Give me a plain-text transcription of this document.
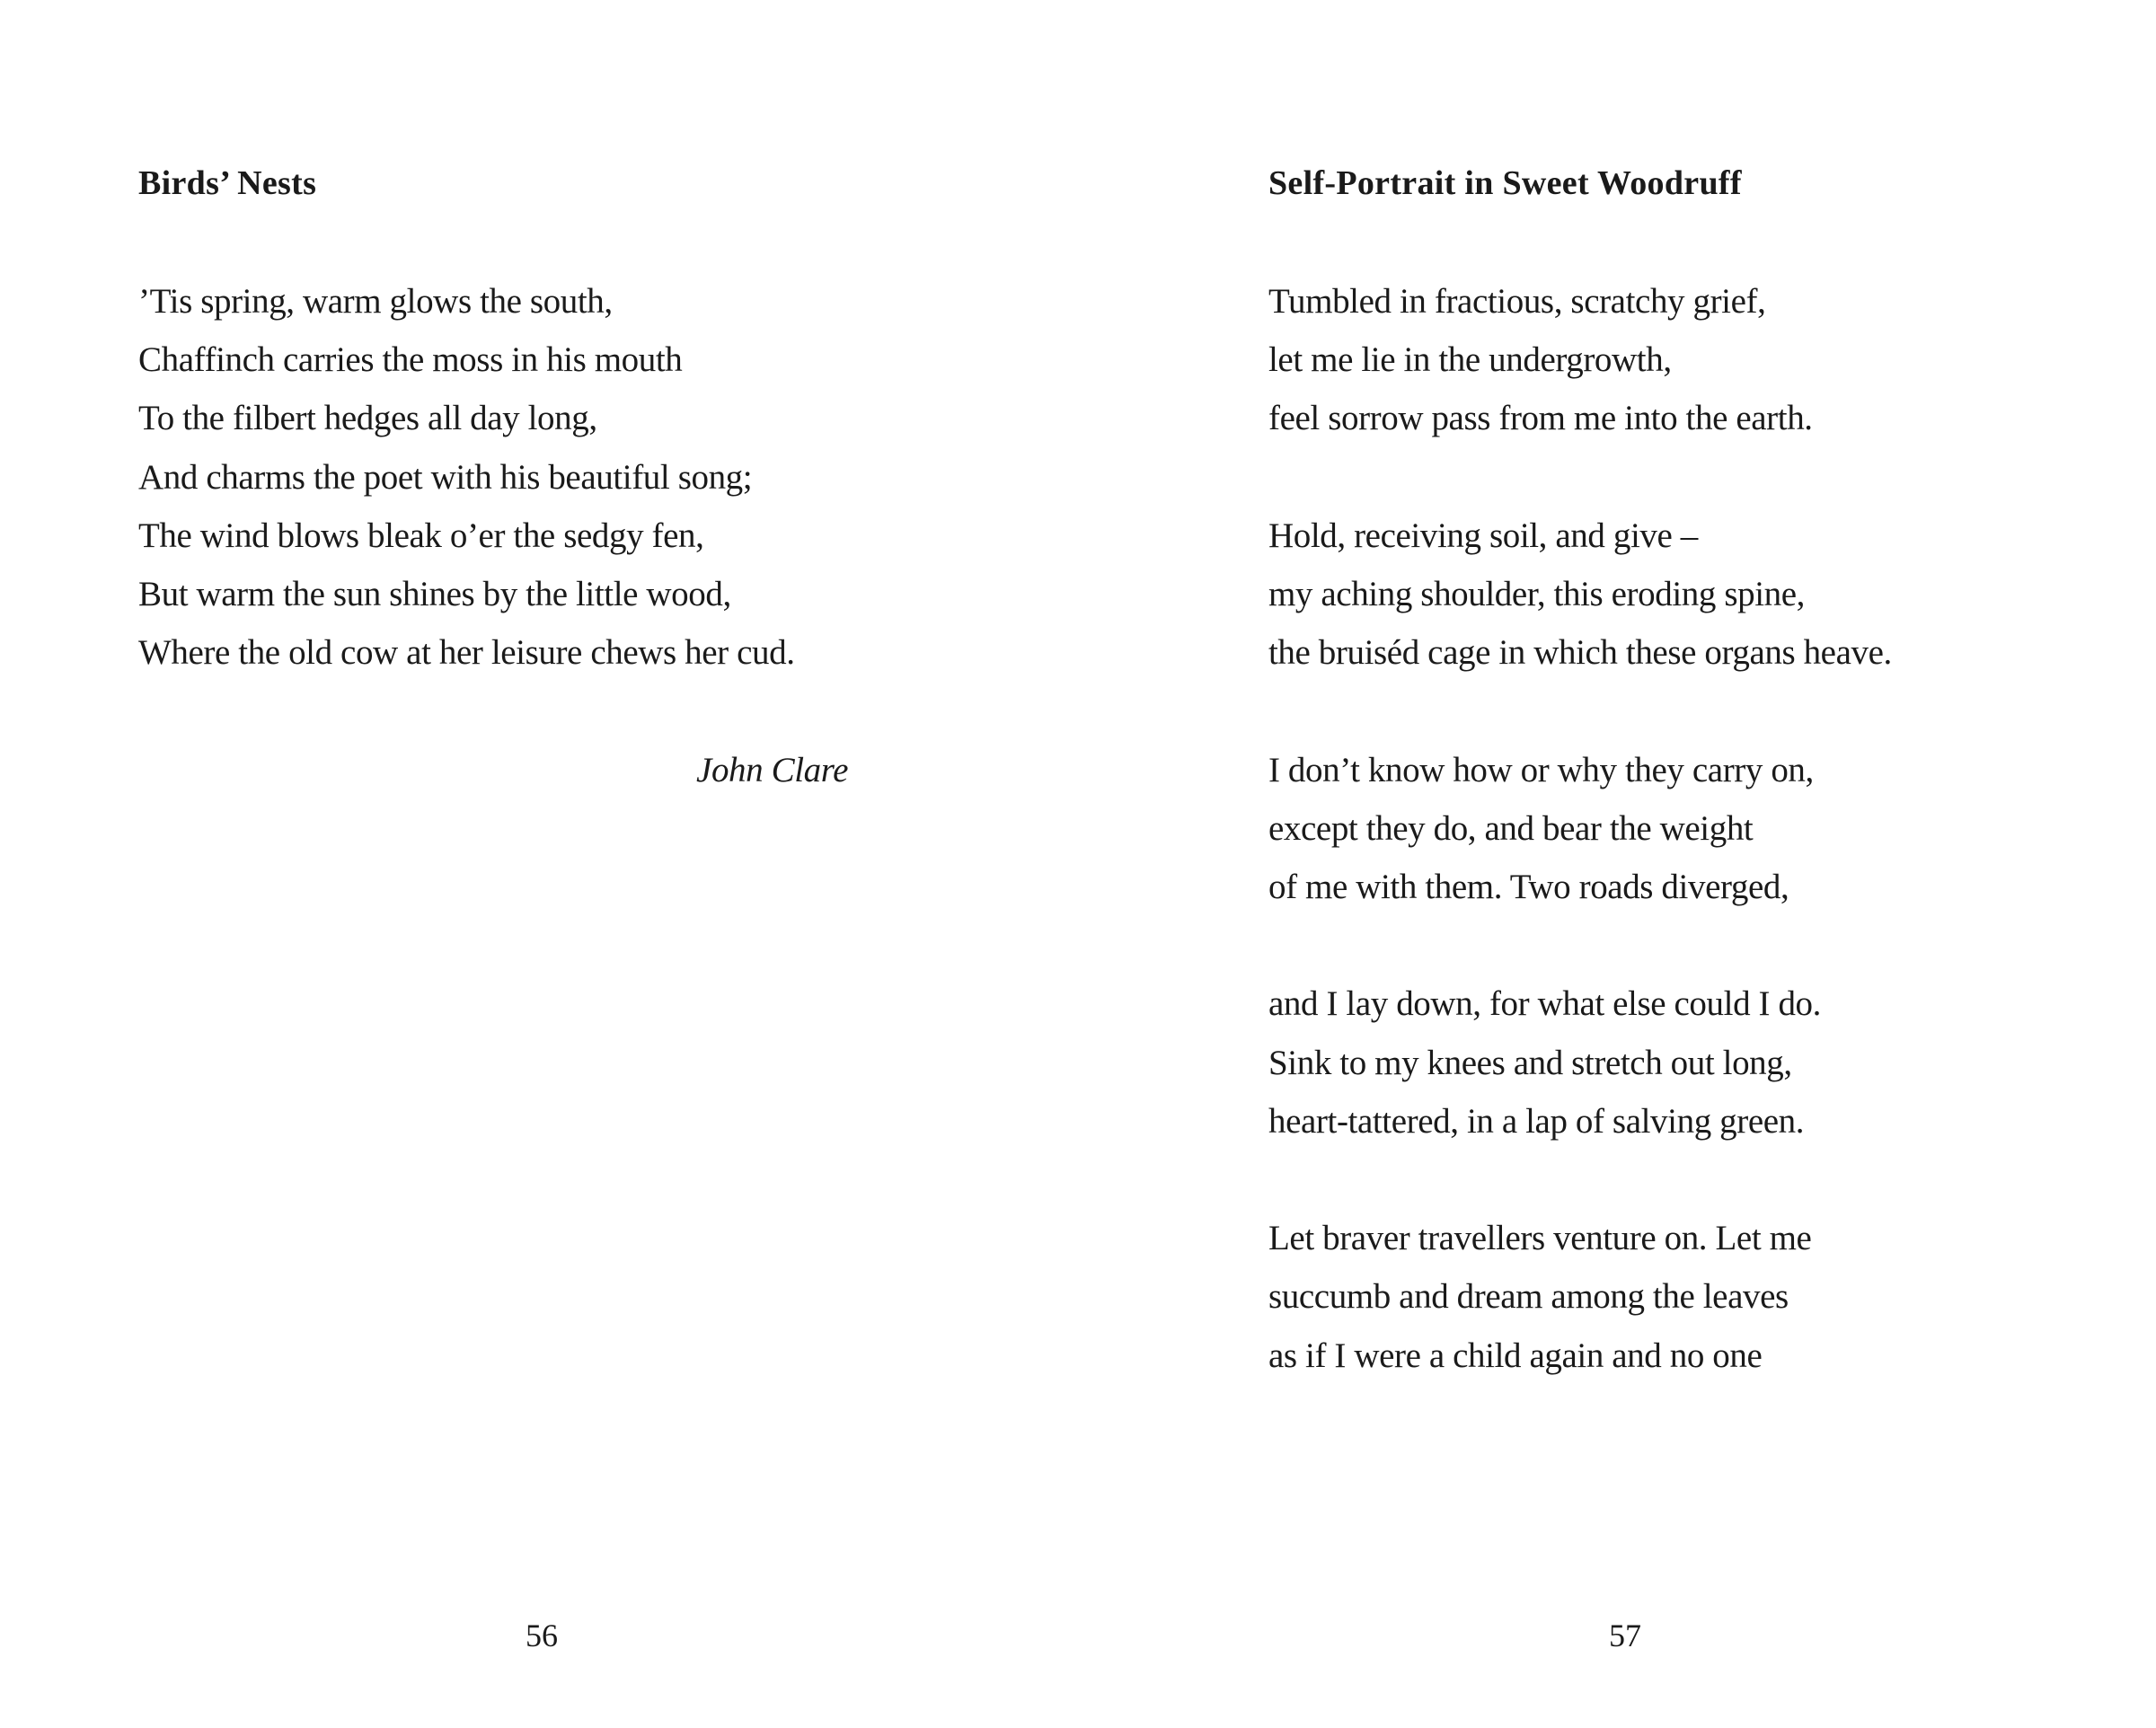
Birds’ Nests
’Tis spring, warm glows the south,
Chaffinch carries the moss in his mouth
To the filbert hedges all day long,
And charms the poet with his beautiful song;
The wind blows bleak o’er the sedgy fen,
But warm the sun shines by the little wood,
Where the old cow at her leisure chews her cud.
John Clare
56
Self-Portrait in Sweet Woodruff
Tumbled in fractious, scratchy grief,
let me lie in the undergrowth,
feel sorrow pass from me into the earth.
Hold, receiving soil, and give –
my aching shoulder, this eroding spine,
the bruiséd cage in which these organs heave.
I don’t know how or why they carry on,
except they do, and bear the weight
of me with them. Two roads diverged,
and I lay down, for what else could I do.
Sink to my knees and stretch out long,
heart-tattered, in a lap of salving green.
Let braver travellers venture on. Let me
succumb and dream among the leaves
as if I were a child again and no one
57
